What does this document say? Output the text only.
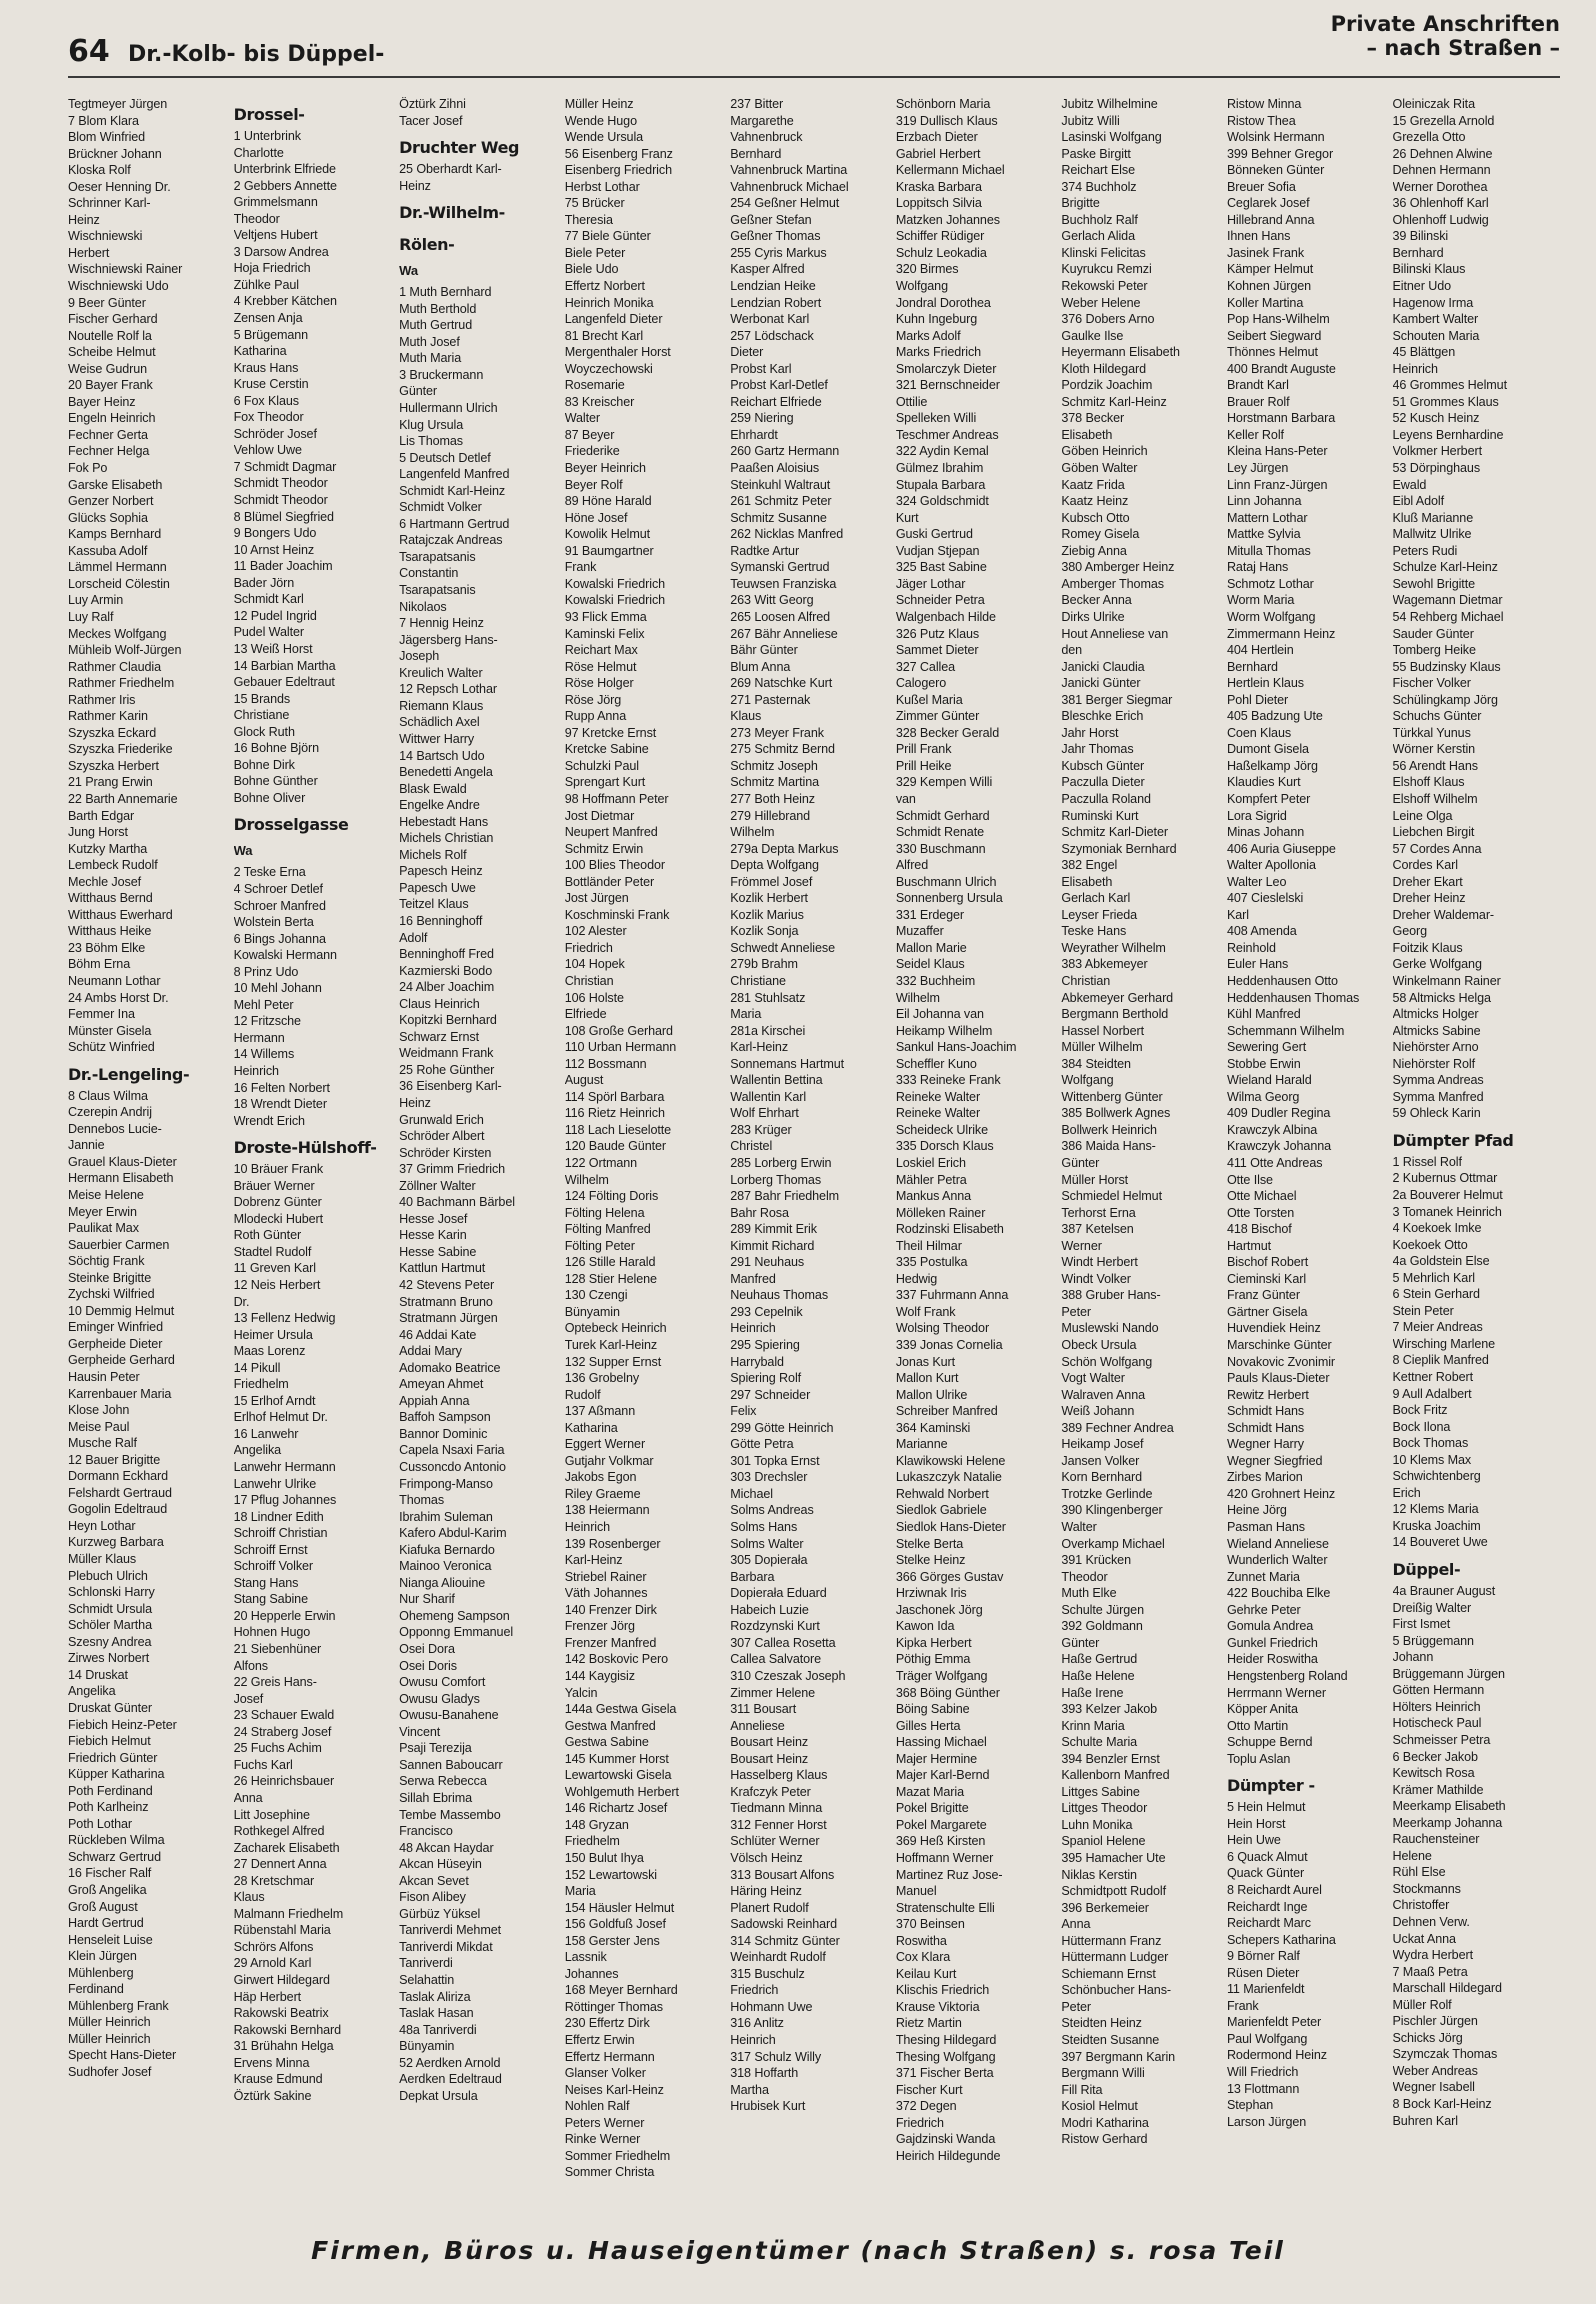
64 Dr.-Kolb- bis Düppel-
Private Anschriften
– nach Straßen –
Tegtmeyer Jürgen
7 Blom Klara
Blom Winfried
Brückner Johann
Kloska Rolf
Oeser Henning Dr.
Schrinner Karl-
Heinz
Wischniewski
Herbert
Wischniewski Rainer
Wischniewski Udo
9 Beer Günter
Fischer Gerhard
Noutelle Rolf la
Scheibe Helmut
Weise Gudrun
20 Bayer Frank
Bayer Heinz
Engeln Heinrich
Fechner Gerta
Fechner Helga
Fok Po
Garske Elisabeth
Genzer Norbert
Glücks Sophia
Kamps Bernhard
Kassuba Adolf
Lämmel Hermann
Lorscheid Cölestin
Luy Armin
Luy Ralf
Meckes Wolfgang
Mühleib Wolf-Jürgen
Rathmer Claudia
Rathmer Friedhelm
Rathmer Iris
Rathmer Karin
Szyszka Eckard
Szyszka Friederike
Szyszka Herbert
21 Prang Erwin
22 Barth Annemarie
Barth Edgar
Jung Horst
Kutzky Martha
Lembeck Rudolf
Mechle Josef
Witthaus Bernd
Witthaus Ewerhard
Witthaus Heike
23 Böhm Elke
Böhm Erna
Neumann Lothar
24 Ambs Horst Dr.
Femmer Ina
Münster Gisela
Schütz Winfried
Dr.-Lengeling-
8 Claus Wilma
Czerepin Andrij
Dennebos Lucie-
Jannie
Grauel Klaus-Dieter
Hermann Elisabeth
Meise Helene
Meyer Erwin
Paulikat Max
Sauerbier Carmen
Söchtig Frank
Steinke Brigitte
Zychski Wilfried
10 Demmig Helmut
Eminger Winfried
Gerpheide Dieter
Gerpheide Gerhard
Hausin Peter
Karrenbauer Maria
Klose John
Meise Paul
Musche Ralf
12 Bauer Brigitte
Dormann Eckhard
Felshardt Gertraud
Gogolin Edeltraud
Heyn Lothar
Kurzweg Barbara
Müller Klaus
Plebuch Ulrich
Schlonski Harry
Schmidt Ursula
Schöler Martha
Szesny Andrea
Zirwes Norbert
14 Druskat
Angelika
Druskat Günter
Fiebich Heinz-Peter
Fiebich Helmut
Friedrich Günter
Küpper Katharina
Poth Ferdinand
Poth Karlheinz
Poth Lothar
Rückleben Wilma
Schwarz Gertrud
16 Fischer Ralf
Groß Angelika
Groß August
Hardt Gertrud
Henseleit Luise
Klein Jürgen
Mühlenberg
Ferdinand
Mühlenberg Frank
Müller Heinrich
Müller Heinrich
Specht Hans-Dieter
Sudhofer Josef
Drossel-
1 Unterbrink
Charlotte
Unterbrink Elfriede
2 Gebbers Annette
Grimmelsmann
Theodor
Veltjens Hubert
3 Darsow Andrea
Hoja Friedrich
Zühlke Paul
4 Krebber Kätchen
Zensen Anja
5 Brügemann
Katharina
Kraus Hans
Kruse Cerstin
6 Fox Klaus
Fox Theodor
Schröder Josef
Vehlow Uwe
7 Schmidt Dagmar
Schmidt Theodor
Schmidt Theodor
8 Blümel Siegfried
9 Bongers Udo
10 Arnst Heinz
11 Bader Joachim
Bader Jörn
Schmidt Karl
12 Pudel Ingrid
Pudel Walter
13 Weiß Horst
14 Barbian Martha
Gebauer Edeltraut
15 Brands
Christiane
Glock Ruth
16 Bohne Björn
Bohne Dirk
Bohne Günther
Bohne Oliver
Drosselgasse
Wa
2 Teske Erna
4 Schroer Detlef
Schroer Manfred
Wolstein Berta
6 Bings Johanna
Kowalski Hermann
8 Prinz Udo
10 Mehl Johann
Mehl Peter
12 Fritzsche
Hermann
14 Willems
Heinrich
16 Felten Norbert
18 Wrendt Dieter
Wrendt Erich
Droste-Hülshoff-
10 Bräuer Frank
Bräuer Werner
Dobrenz Günter
Mlodecki Hubert
Roth Günter
Stadtel Rudolf
11 Greven Karl
12 Neis Herbert
Dr.
13 Fellenz Hedwig
Heimer Ursula
Maas Lorenz
14 Pikull
Friedhelm
15 Erlhof Arndt
Erlhof Helmut Dr.
16 Lanwehr
Angelika
Lanwehr Hermann
Lanwehr Ulrike
17 Pflug Johannes
18 Lindner Edith
Schroiff Christian
Schroiff Ernst
Schroiff Volker
Stang Hans
Stang Sabine
20 Hepperle Erwin
Hohnen Hugo
21 Siebenhüner
Alfons
22 Greis Hans-
Josef
23 Schauer Ewald
24 Straberg Josef
25 Fuchs Achim
Fuchs Karl
26 Heinrichsbauer
Anna
Litt Josephine
Rothkegel Alfred
Zacharek Elisabeth
27 Dennert Anna
28 Kretschmar
Klaus
Malmann Friedhelm
Rübenstahl Maria
Schrörs Alfons
29 Arnold Karl
Girwert Hildegard
Häp Herbert
Rakowski Beatrix
Rakowski Bernhard
31 Brühahn Helga
Ervens Minna
Krause Edmund
Öztürk Sakine
Öztürk Zihni
Tacer Josef
Druchter Weg
25 Oberhardt Karl-
Heinz
Dr.-Wilhelm-
Rölen-
Wa
1 Muth Bernhard
Muth Berthold
Muth Gertrud
Muth Josef
Muth Maria
3 Bruckermann
Günter
Hullermann Ulrich
Klug Ursula
Lis Thomas
5 Deutsch Detlef
Langenfeld Manfred
Schmidt Karl-Heinz
Schmidt Volker
6 Hartmann Gertrud
Ratajczak Andreas
Tsarapatsanis
Constantin
Tsarapatsanis
Nikolaos
7 Hennig Heinz
Jägersberg Hans-
Joseph
Kreulich Walter
12 Repsch Lothar
Riemann Klaus
Schädlich Axel
Wittwer Harry
14 Bartsch Udo
Benedetti Angela
Blask Ewald
Engelke Andre
Hebestadt Hans
Michels Christian
Michels Rolf
Papesch Heinz
Papesch Uwe
Teitzel Klaus
16 Benninghoff
Adolf
Benninghoff Fred
Kazmierski Bodo
24 Alber Joachim
Claus Heinrich
Kopitzki Bernhard
Schwarz Ernst
Weidmann Frank
25 Rohe Günther
36 Eisenberg Karl-
Heinz
Grunwald Erich
Schröder Albert
Schröder Kirsten
37 Grimm Friedrich
Zöllner Walter
40 Bachmann Bärbel
Hesse Josef
Hesse Karin
Hesse Sabine
Kattlun Hartmut
42 Stevens Peter
Stratmann Bruno
Stratmann Jürgen
46 Addai Kate
Addai Mary
Adomako Beatrice
Ameyan Ahmet
Appiah Anna
Baffoh Sampson
Bannor Dominic
Capela Nsaxi Faria
Cussoncdo Antonio
Frimpong-Manso
Thomas
Ibrahim Suleman
Kafero Abdul-Karim
Kiafuka Bernardo
Mainoo Veronica
Nianga Aliouine
Nur Sharif
Ohemeng Sampson
Opponng Emmanuel
Osei Dora
Osei Doris
Owusu Comfort
Owusu Gladys
Owusu-Banahene
Vincent
Psaji Terezija
Sannen Baboucarr
Serwa Rebecca
Sillah Ebrima
Tembe Massembo
Francisco
48 Akcan Haydar
Akcan Hüseyin
Akcan Sevet
Fison Alibey
Gürbüz Yüksel
Tanriverdi Mehmet
Tanriverdi Mikdat
Tanriverdi
Selahattin
Taslak Aliriza
Taslak Hasan
48a Tanriverdi
Bünyamin
52 Aerdken Arnold
Aerdken Edeltraud
Depkat Ursula
Müller Heinz
Wende Hugo
Wende Ursula
56 Eisenberg Franz
Eisenberg Friedrich
Herbst Lothar
75 Brücker
Theresia
77 Biele Günter
Biele Peter
Biele Udo
Effertz Norbert
Heinrich Monika
Langenfeld Dieter
81 Brecht Karl
Mergenthaler Horst
Woyczechowski
Rosemarie
83 Kreischer
Walter
87 Beyer
Friederike
Beyer Heinrich
Beyer Rolf
89 Höne Harald
Höne Josef
Kowolik Helmut
91 Baumgartner
Frank
Kowalski Friedrich
Kowalski Friedrich
93 Flick Emma
Kaminski Felix
Reichart Max
Röse Helmut
Röse Holger
Röse Jörg
Rupp Anna
97 Kretcke Ernst
Kretcke Sabine
Schulzki Paul
Sprengart Kurt
98 Hoffmann Peter
Jost Dietmar
Neupert Manfred
Schmitz Erwin
100 Blies Theodor
Bottländer Peter
Jost Jürgen
Koschminski Frank
102 Alester
Friedrich
104 Hopek
Christian
106 Holste
Elfriede
108 Große Gerhard
110 Urban Hermann
112 Bossmann
August
114 Spörl Barbara
116 Rietz Heinrich
118 Lach Lieselotte
120 Baude Günter
122 Ortmann
Wilhelm
124 Fölting Doris
Fölting Helena
Fölting Manfred
Fölting Peter
126 Stille Harald
128 Stier Helene
130 Czengi
Bünyamin
Optebeck Heinrich
Turek Karl-Heinz
132 Supper Ernst
136 Grobelny
Rudolf
137 Aßmann
Katharina
Eggert Werner
Gutjahr Volkmar
Jakobs Egon
Riley Graeme
138 Heiermann
Heinrich
139 Rosenberger
Karl-Heinz
Striebel Rainer
Väth Johannes
140 Frenzer Dirk
Frenzer Jörg
Frenzer Manfred
142 Boskovic Pero
144 Kaygisiz
Yalcin
144a Gestwa Gisela
Gestwa Manfred
Gestwa Sabine
145 Kummer Horst
Lewartowski Gisela
Wohlgemuth Herbert
146 Richartz Josef
148 Gryzan
Friedhelm
150 Bulut Ihya
152 Lewartowski
Maria
154 Häusler Helmut
156 Goldfuß Josef
158 Gerster Jens
Lassnik
Johannes
168 Meyer Bernhard
Röttinger Thomas
230 Effertz Dirk
Effertz Erwin
Effertz Hermann
Glanser Volker
Neises Karl-Heinz
Nohlen Ralf
Peters Werner
Rinke Werner
Sommer Friedhelm
Sommer Christa
237 Bitter
Margarethe
Vahnenbruck
Bernhard
Vahnenbruck Martina
Vahnenbruck Michael
254 Geßner Helmut
Geßner Stefan
Geßner Thomas
255 Cyris Markus
Kasper Alfred
Lendzian Heike
Lendzian Robert
Werbonat Karl
257 Lödschack
Dieter
Probst Karl
Probst Karl-Detlef
Reichart Elfriede
259 Niering
Ehrhardt
260 Gartz Hermann
Paaßen Aloisius
Steinkuhl Waltraut
261 Schmitz Peter
Schmitz Susanne
262 Nicklas Manfred
Radtke Artur
Symanski Gertrud
Teuwsen Franziska
263 Witt Georg
265 Loosen Alfred
267 Bähr Anneliese
Bähr Günter
Blum Anna
269 Natschke Kurt
271 Pasternak
Klaus
273 Meyer Frank
275 Schmitz Bernd
Schmitz Joseph
Schmitz Martina
277 Both Heinz
279 Hillebrand
Wilhelm
279a Depta Markus
Depta Wolfgang
Frömmel Josef
Kozlik Herbert
Kozlik Marius
Kozlik Sonja
Schwedt Anneliese
279b Brahm
Christiane
281 Stuhlsatz
Maria
281a Kirschei
Karl-Heinz
Sonnemans Hartmut
Wallentin Bettina
Wallentin Karl
Wolf Ehrhart
283 Krüger
Christel
285 Lorberg Erwin
Lorberg Thomas
287 Bahr Friedhelm
Bahr Rosa
289 Kimmit Erik
Kimmit Richard
291 Neuhaus
Manfred
Neuhaus Thomas
293 Cepelnik
Heinrich
295 Spiering
Harrybald
Spiering Rolf
297 Schneider
Felix
299 Götte Heinrich
Götte Petra
301 Topka Ernst
303 Drechsler
Michael
Solms Andreas
Solms Hans
Solms Walter
305 Dopierała
Barbara
Dopierała Eduard
Habeich Luzie
Rozdzynski Kurt
307 Callea Rosetta
Callea Salvatore
310 Czeszak Joseph
Zimmer Helene
311 Bousart
Anneliese
Bousart Heinz
Bousart Heinz
Hasselberg Klaus
Krafczyk Peter
Tiedmann Minna
312 Fenner Horst
Schlüter Werner
Völsch Heinz
313 Bousart Alfons
Häring Heinz
Planert Rudolf
Sadowski Reinhard
314 Schmitz Günter
Weinhardt Rudolf
315 Buschulz
Friedrich
Hohmann Uwe
316 Anlitz
Heinrich
317 Schulz Willy
318 Hoffarth
Martha
Hrubisek Kurt
Schönborn Maria
319 Dullisch Klaus
Erzbach Dieter
Gabriel Herbert
Kellermann Michael
Kraska Barbara
Loppitsch Silvia
Matzken Johannes
Schiffer Rüdiger
Schulz Leokadia
320 Birmes
Wolfgang
Jondral Dorothea
Kuhn Ingeburg
Marks Adolf
Marks Friedrich
Smolarczyk Dieter
321 Bernschneider
Ottilie
Spelleken Willi
Teschmer Andreas
322 Aydin Kemal
Gülmez Ibrahim
Stupala Barbara
324 Goldschmidt
Kurt
Guski Gertrud
Vudjan Stjepan
325 Bast Sabine
Jäger Lothar
Schneider Petra
Walgenbach Hilde
326 Putz Klaus
Sammet Dieter
327 Callea
Calogero
Kußel Maria
Zimmer Günter
328 Becker Gerald
Prill Frank
Prill Heike
329 Kempen Willi
van
Schmidt Gerhard
Schmidt Renate
330 Buschmann
Alfred
Buschmann Ulrich
Sonnenberg Ursula
331 Erdeger
Muzaffer
Mallon Marie
Seidel Klaus
332 Buchheim
Wilhelm
Eil Johanna van
Heikamp Wilhelm
Sankul Hans-Joachim
Scheffler Kuno
333 Reineke Frank
Reineke Walter
Reineke Walter
Scheideck Ulrike
335 Dorsch Klaus
Loskiel Erich
Mähler Petra
Mankus Anna
Mölleken Rainer
Rodzinski Elisabeth
Theil Hilmar
335 Postulka
Hedwig
337 Fuhrmann Anna
Wolf Frank
Wolsing Theodor
339 Jonas Cornelia
Jonas Kurt
Mallon Kurt
Mallon Ulrike
Schreiber Manfred
364 Kaminski
Marianne
Klawikowski Helene
Lukaszczyk Natalie
Rehwald Norbert
Siedlok Gabriele
Siedlok Hans-Dieter
Stelke Berta
Stelke Heinz
366 Görges Gustav
Hrziwnak Iris
Jaschonek Jörg
Kawon Ida
Kipka Herbert
Pöthig Emma
Träger Wolfgang
368 Böing Günther
Böing Sabine
Gilles Herta
Hassing Michael
Majer Hermine
Majer Karl-Bernd
Mazat Maria
Pokel Brigitte
Pokel Margarete
369 Heß Kirsten
Hoffmann Werner
Martinez Ruz Jose-
Manuel
Stratenschulte Elli
370 Beinsen
Roswitha
Cox Klara
Keilau Kurt
Klischis Friedrich
Krause Viktoria
Rietz Martin
Thesing Hildegard
Thesing Wolfgang
371 Fischer Berta
Fischer Kurt
372 Degen
Friedrich
Gajdzinski Wanda
Heirich Hildegunde
Jubitz Wilhelmine
Jubitz Willi
Lasinski Wolfgang
Paske Birgitt
Reichart Else
374 Buchholz
Brigitte
Buchholz Ralf
Gerlach Alida
Klinski Felicitas
Kuyrukcu Remzi
Rekowski Peter
Weber Helene
376 Dobers Arno
Gaulke Ilse
Heyermann Elisabeth
Kloth Hildegard
Pordzik Joachim
Schmitz Karl-Heinz
378 Becker
Elisabeth
Göben Heinrich
Göben Walter
Kaatz Frida
Kaatz Heinz
Kubsch Otto
Romey Gisela
Ziebig Anna
380 Amberger Heinz
Amberger Thomas
Becker Anna
Dirks Ulrike
Hout Anneliese van
den
Janicki Claudia
Janicki Günter
381 Berger Siegmar
Bleschke Erich
Jahr Horst
Jahr Thomas
Kubsch Günter
Paczulla Dieter
Paczulla Roland
Ruminski Kurt
Schmitz Karl-Dieter
Szymoniak Bernhard
382 Engel
Elisabeth
Gerlach Karl
Leyser Frieda
Teske Hans
Weyrather Wilhelm
383 Abkemeyer
Christian
Abkemeyer Gerhard
Bergmann Berthold
Hassel Norbert
Müller Wilhelm
384 Steidten
Wolfgang
Wittenberg Günter
385 Bollwerk Agnes
Bollwerk Heinrich
386 Maida Hans-
Günter
Müller Horst
Schmiedel Helmut
Terhorst Erna
387 Ketelsen
Werner
Windt Herbert
Windt Volker
388 Gruber Hans-
Peter
Muslewski Nando
Obeck Ursula
Schön Wolfgang
Vogt Walter
Walraven Anna
Weiß Johann
389 Fechner Andrea
Heikamp Josef
Jansen Volker
Korn Bernhard
Trotzke Gerlinde
390 Klingenberger
Walter
Overkamp Michael
391 Krücken
Theodor
Muth Elke
Schulte Jürgen
392 Goldmann
Günter
Haße Gertrud
Haße Helene
Haße Irene
393 Kelzer Jakob
Krinn Maria
Schulte Maria
394 Benzler Ernst
Kallenborn Manfred
Littges Sabine
Littges Theodor
Luhn Monika
Spaniol Helene
395 Hamacher Ute
Niklas Kerstin
Schmidtpott Rudolf
396 Berkemeier
Anna
Hüttermann Franz
Hüttermann Ludger
Schiemann Ernst
Schönbucher Hans-
Peter
Steidten Heinz
Steidten Susanne
397 Bergmann Karin
Bergmann Willi
Fill Rita
Kosiol Helmut
Modri Katharina
Ristow Gerhard
Ristow Minna
Ristow Thea
Wolsink Hermann
399 Behner Gregor
Bönneken Günter
Breuer Sofia
Ceglarek Josef
Hillebrand Anna
Ihnen Hans
Jasinek Frank
Kämper Helmut
Kohnen Jürgen
Koller Martina
Pop Hans-Wilhelm
Seibert Siegward
Thönnes Helmut
400 Brandt Auguste
Brandt Karl
Brauer Rolf
Horstmann Barbara
Keller Rolf
Kleina Hans-Peter
Ley Jürgen
Linn Franz-Jürgen
Linn Johanna
Mattern Lothar
Mattke Sylvia
Mitulla Thomas
Rataj Hans
Schmotz Lothar
Worm Maria
Worm Wolfgang
Zimmermann Heinz
404 Hertlein
Bernhard
Hertlein Klaus
Pohl Dieter
405 Badzung Ute
Coen Klaus
Dumont Gisela
Haßelkamp Jörg
Klaudies Kurt
Kompfert Peter
Lora Sigrid
Minas Johann
406 Auria Giuseppe
Walter Apollonia
Walter Leo
407 Cieslelski
Karl
408 Amenda
Reinhold
Euler Hans
Heddenhausen Otto
Heddenhausen Thomas
Kühl Manfred
Schemmann Wilhelm
Sewering Gert
Stobbe Erwin
Wieland Harald
Wilma Georg
409 Dudler Regina
Krawczyk Albina
Krawczyk Johanna
411 Otte Andreas
Otte Ilse
Otte Michael
Otte Torsten
418 Bischof
Hartmut
Bischof Robert
Cieminski Karl
Franz Günter
Gärtner Gisela
Huvendiek Heinz
Marschinke Günter
Novakovic Zvonimir
Pauls Klaus-Dieter
Rewitz Herbert
Schmidt Hans
Schmidt Hans
Wegner Harry
Wegner Siegfried
Zirbes Marion
420 Grohnert Heinz
Heine Jörg
Pasman Hans
Wieland Anneliese
Wunderlich Walter
Zunnet Maria
422 Bouchiba Elke
Gehrke Peter
Gomula Andrea
Gunkel Friedrich
Heider Roswitha
Hengstenberg Roland
Herrmann Werner
Köpper Anita
Otto Martin
Schuppe Bernd
Toplu Aslan
Dümpter -
5 Hein Helmut
Hein Horst
Hein Uwe
6 Quack Almut
Quack Günter
8 Reichardt Aurel
Reichardt Inge
Reichardt Marc
Schepers Katharina
9 Börner Ralf
Rüsen Dieter
11 Marienfeldt
Frank
Marienfeldt Peter
Paul Wolfgang
Rodermond Heinz
Will Friedrich
13 Flottmann
Stephan
Larson Jürgen
Oleiniczak Rita
15 Grezella Arnold
Grezella Otto
26 Dehnen Alwine
Dehnen Hermann
Werner Dorothea
36 Ohlenhoff Karl
Ohlenhoff Ludwig
39 Bilinski
Bernhard
Bilinski Klaus
Eitner Udo
Hagenow Irma
Kambert Walter
Schouten Maria
45 Blättgen
Heinrich
46 Grommes Helmut
51 Grommes Klaus
52 Kusch Heinz
Leyens Bernhardine
Volkmer Herbert
53 Dörpinghaus
Ewald
Eibl Adolf
Kluß Marianne
Mallwitz Ulrike
Peters Rudi
Schulze Karl-Heinz
Sewohl Brigitte
Wagemann Dietmar
54 Rehberg Michael
Sauder Günter
Tomberg Heike
55 Budzinsky Klaus
Fischer Volker
Schülingkamp Jörg
Schuchs Günter
Türkkal Yunus
Wörner Kerstin
56 Arendt Hans
Elshoff Klaus
Elshoff Wilhelm
Leine Olga
Liebchen Birgit
57 Cordes Anna
Cordes Karl
Dreher Ekart
Dreher Heinz
Dreher Waldemar-
Georg
Foitzik Klaus
Gerke Wolfgang
Winkelmann Rainer
58 Altmicks Helga
Altmicks Holger
Altmicks Sabine
Niehörster Arno
Niehörster Rolf
Symma Andreas
Symma Manfred
59 Ohleck Karin
Dümpter Pfad
1 Rissel Rolf
2 Kubernus Ottmar
2a Bouverer Helmut
3 Tomanek Heinrich
4 Koekoek Imke
Koekoek Otto
4a Goldstein Else
5 Mehrlich Karl
6 Stein Gerhard
Stein Peter
7 Meier Andreas
Wirsching Marlene
8 Cieplik Manfred
Kettner Robert
9 Aull Adalbert
Bock Fritz
Bock Ilona
Bock Thomas
10 Klems Max
Schwichtenberg
Erich
12 Klems Maria
Kruska Joachim
14 Bouveret Uwe
Düppel-
4a Brauner August
Dreißig Walter
First Ismet
5 Brüggemann
Johann
Brüggemann Jürgen
Götten Hermann
Hölters Heinrich
Hotischeck Paul
Schmeisser Petra
6 Becker Jakob
Kewitsch Rosa
Krämer Mathilde
Meerkamp Elisabeth
Meerkamp Johanna
Rauchensteiner
Helene
Rühl Else
Stockmanns
Christoffer
Dehnen Verw.
Uckat Anna
Wydra Herbert
7 Maaß Petra
Marschall Hildegard
Müller Rolf
Pischler Jürgen
Schicks Jörg
Szymczak Thomas
Weber Andreas
Wegner Isabell
8 Bock Karl-Heinz
Buhren Karl
Firmen, Büros u. Hauseigentümer (nach Straßen) s. rosa Teil
